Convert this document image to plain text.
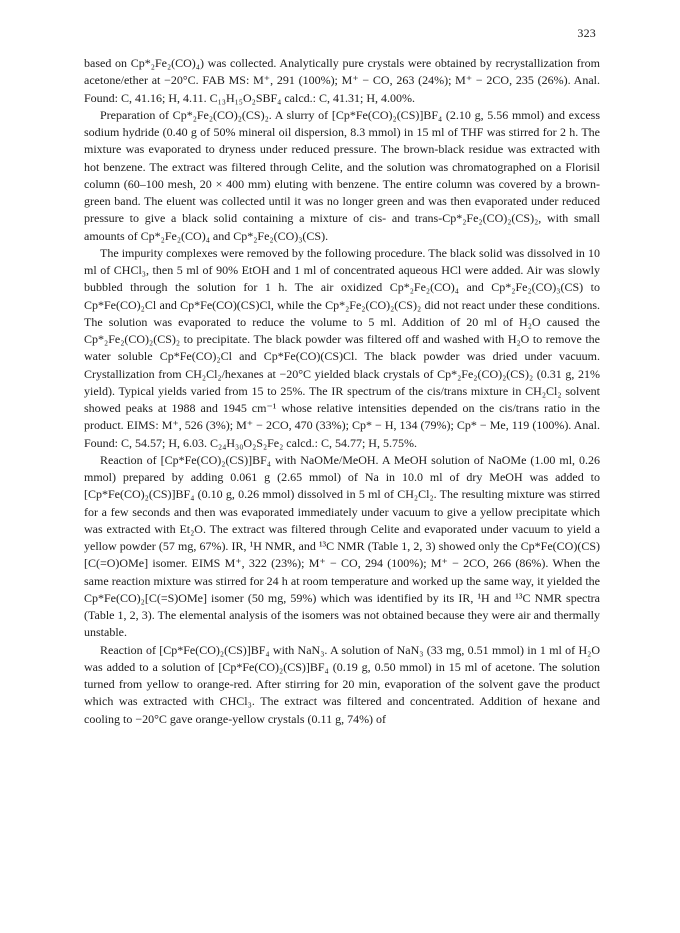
323

based on Cp*₂Fe₂(CO)₄) was collected. Analytically pure crystals were obtained by recrystallization from acetone/ether at −20°C. FAB MS: M⁺, 291 (100%); M⁺ − CO, 263 (24%); M⁺ − 2CO, 235 (26%). Anal. Found: C, 41.16; H, 4.11. C₁₃H₁₅O₂SBF₄ calcd.: C, 41.31; H, 4.00%.

Preparation of Cp*₂Fe₂(CO)₂(CS)₂. A slurry of [Cp*Fe(CO)₂(CS)]BF₄ (2.10 g, 5.56 mmol) and excess sodium hydride (0.40 g of 50% mineral oil dispersion, 8.3 mmol) in 15 ml of THF was stirred for 2 h. The mixture was evaporated to dryness under reduced pressure. The brown-black residue was extracted with hot benzene. The extract was filtered through Celite, and the solution was chromatographed on a Florisil column (60–100 mesh, 20 × 400 mm) eluting with benzene. The entire column was covered by a brown-green band. The eluent was collected until it was no longer green and was then evaporated under reduced pressure to give a black solid containing a mixture of cis- and trans-Cp*₂Fe₂(CO)₂(CS)₂, with small amounts of Cp*₂Fe₂(CO)₄ and Cp*₂Fe₂(CO)₃(CS).

The impurity complexes were removed by the following procedure. The black solid was dissolved in 10 ml of CHCl₃, then 5 ml of 90% EtOH and 1 ml of concentrated aqueous HCl were added. Air was slowly bubbled through the solution for 1 h. The air oxidized Cp*₂Fe₂(CO)₄ and Cp*₂Fe₂(CO)₃(CS) to Cp*Fe(CO)₂Cl and Cp*Fe(CO)(CS)Cl, while the Cp*₂Fe₂(CO)₂(CS)₂ did not react under these conditions. The solution was evaporated to reduce the volume to 5 ml. Addition of 20 ml of H₂O caused the Cp*₂Fe₂(CO)₂(CS)₂ to precipitate. The black powder was filtered off and washed with H₂O to remove the water soluble Cp*Fe(CO)₂Cl and Cp*Fe(CO)(CS)Cl. The black powder was dried under vacuum. Crystallization from CH₂Cl₂/hexanes at −20°C yielded black crystals of Cp*₂Fe₂(CO)₂(CS)₂ (0.31 g, 21% yield). Typical yields varied from 15 to 25%. The IR spectrum of the cis/trans mixture in CH₂Cl₂ solvent showed peaks at 1988 and 1945 cm⁻¹ whose relative intensities depended on the cis/trans ratio in the product. EIMS: M⁺, 526 (3%); M⁺ − 2CO, 470 (33%); Cp* − H, 134 (79%); Cp* − Me, 119 (100%). Anal. Found: C, 54.57; H, 6.03. C₂₄H₃₀O₂S₂Fe₂ calcd.: C, 54.77; H, 5.75%.

Reaction of [Cp*Fe(CO)₂(CS)]BF₄ with NaOMe/MeOH. A MeOH solution of NaOMe (1.00 ml, 0.26 mmol) prepared by adding 0.061 g (2.65 mmol) of Na in 10.0 ml of dry MeOH was added to [Cp*Fe(CO)₂(CS)]BF₄ (0.10 g, 0.26 mmol) dissolved in 5 ml of CH₂Cl₂. The resulting mixture was stirred for a few seconds and then was evaporated immediately under vacuum to give a yellow precipitate which was extracted with Et₂O. The extract was filtered through Celite and evaporated under vacuum to yield a yellow powder (57 mg, 67%). IR, ¹H NMR, and ¹³C NMR (Table 1, 2, 3) showed only the Cp*Fe(CO)(CS)[C(=O)OMe] isomer. EIMS M⁺, 322 (23%); M⁺ − CO, 294 (100%); M⁺ − 2CO, 266 (86%). When the same reaction mixture was stirred for 24 h at room temperature and worked up the same way, it yielded the Cp*Fe(CO)₂[C(=S)OMe] isomer (50 mg, 59%) which was identified by its IR, ¹H and ¹³C NMR spectra (Table 1, 2, 3). The elemental analysis of the isomers was not obtained because they were air and thermally unstable.

Reaction of [Cp*Fe(CO)₂(CS)]BF₄ with NaN₃. A solution of NaN₃ (33 mg, 0.51 mmol) in 1 ml of H₂O was added to a solution of [Cp*Fe(CO)₂(CS)]BF₄ (0.19 g, 0.50 mmol) in 15 ml of acetone. The solution turned from yellow to orange-red. After stirring for 20 min, evaporation of the solvent gave the product which was extracted with CHCl₃. The extract was filtered and concentrated. Addition of hexane and cooling to −20°C gave orange-yellow crystals (0.11 g, 74%) of
